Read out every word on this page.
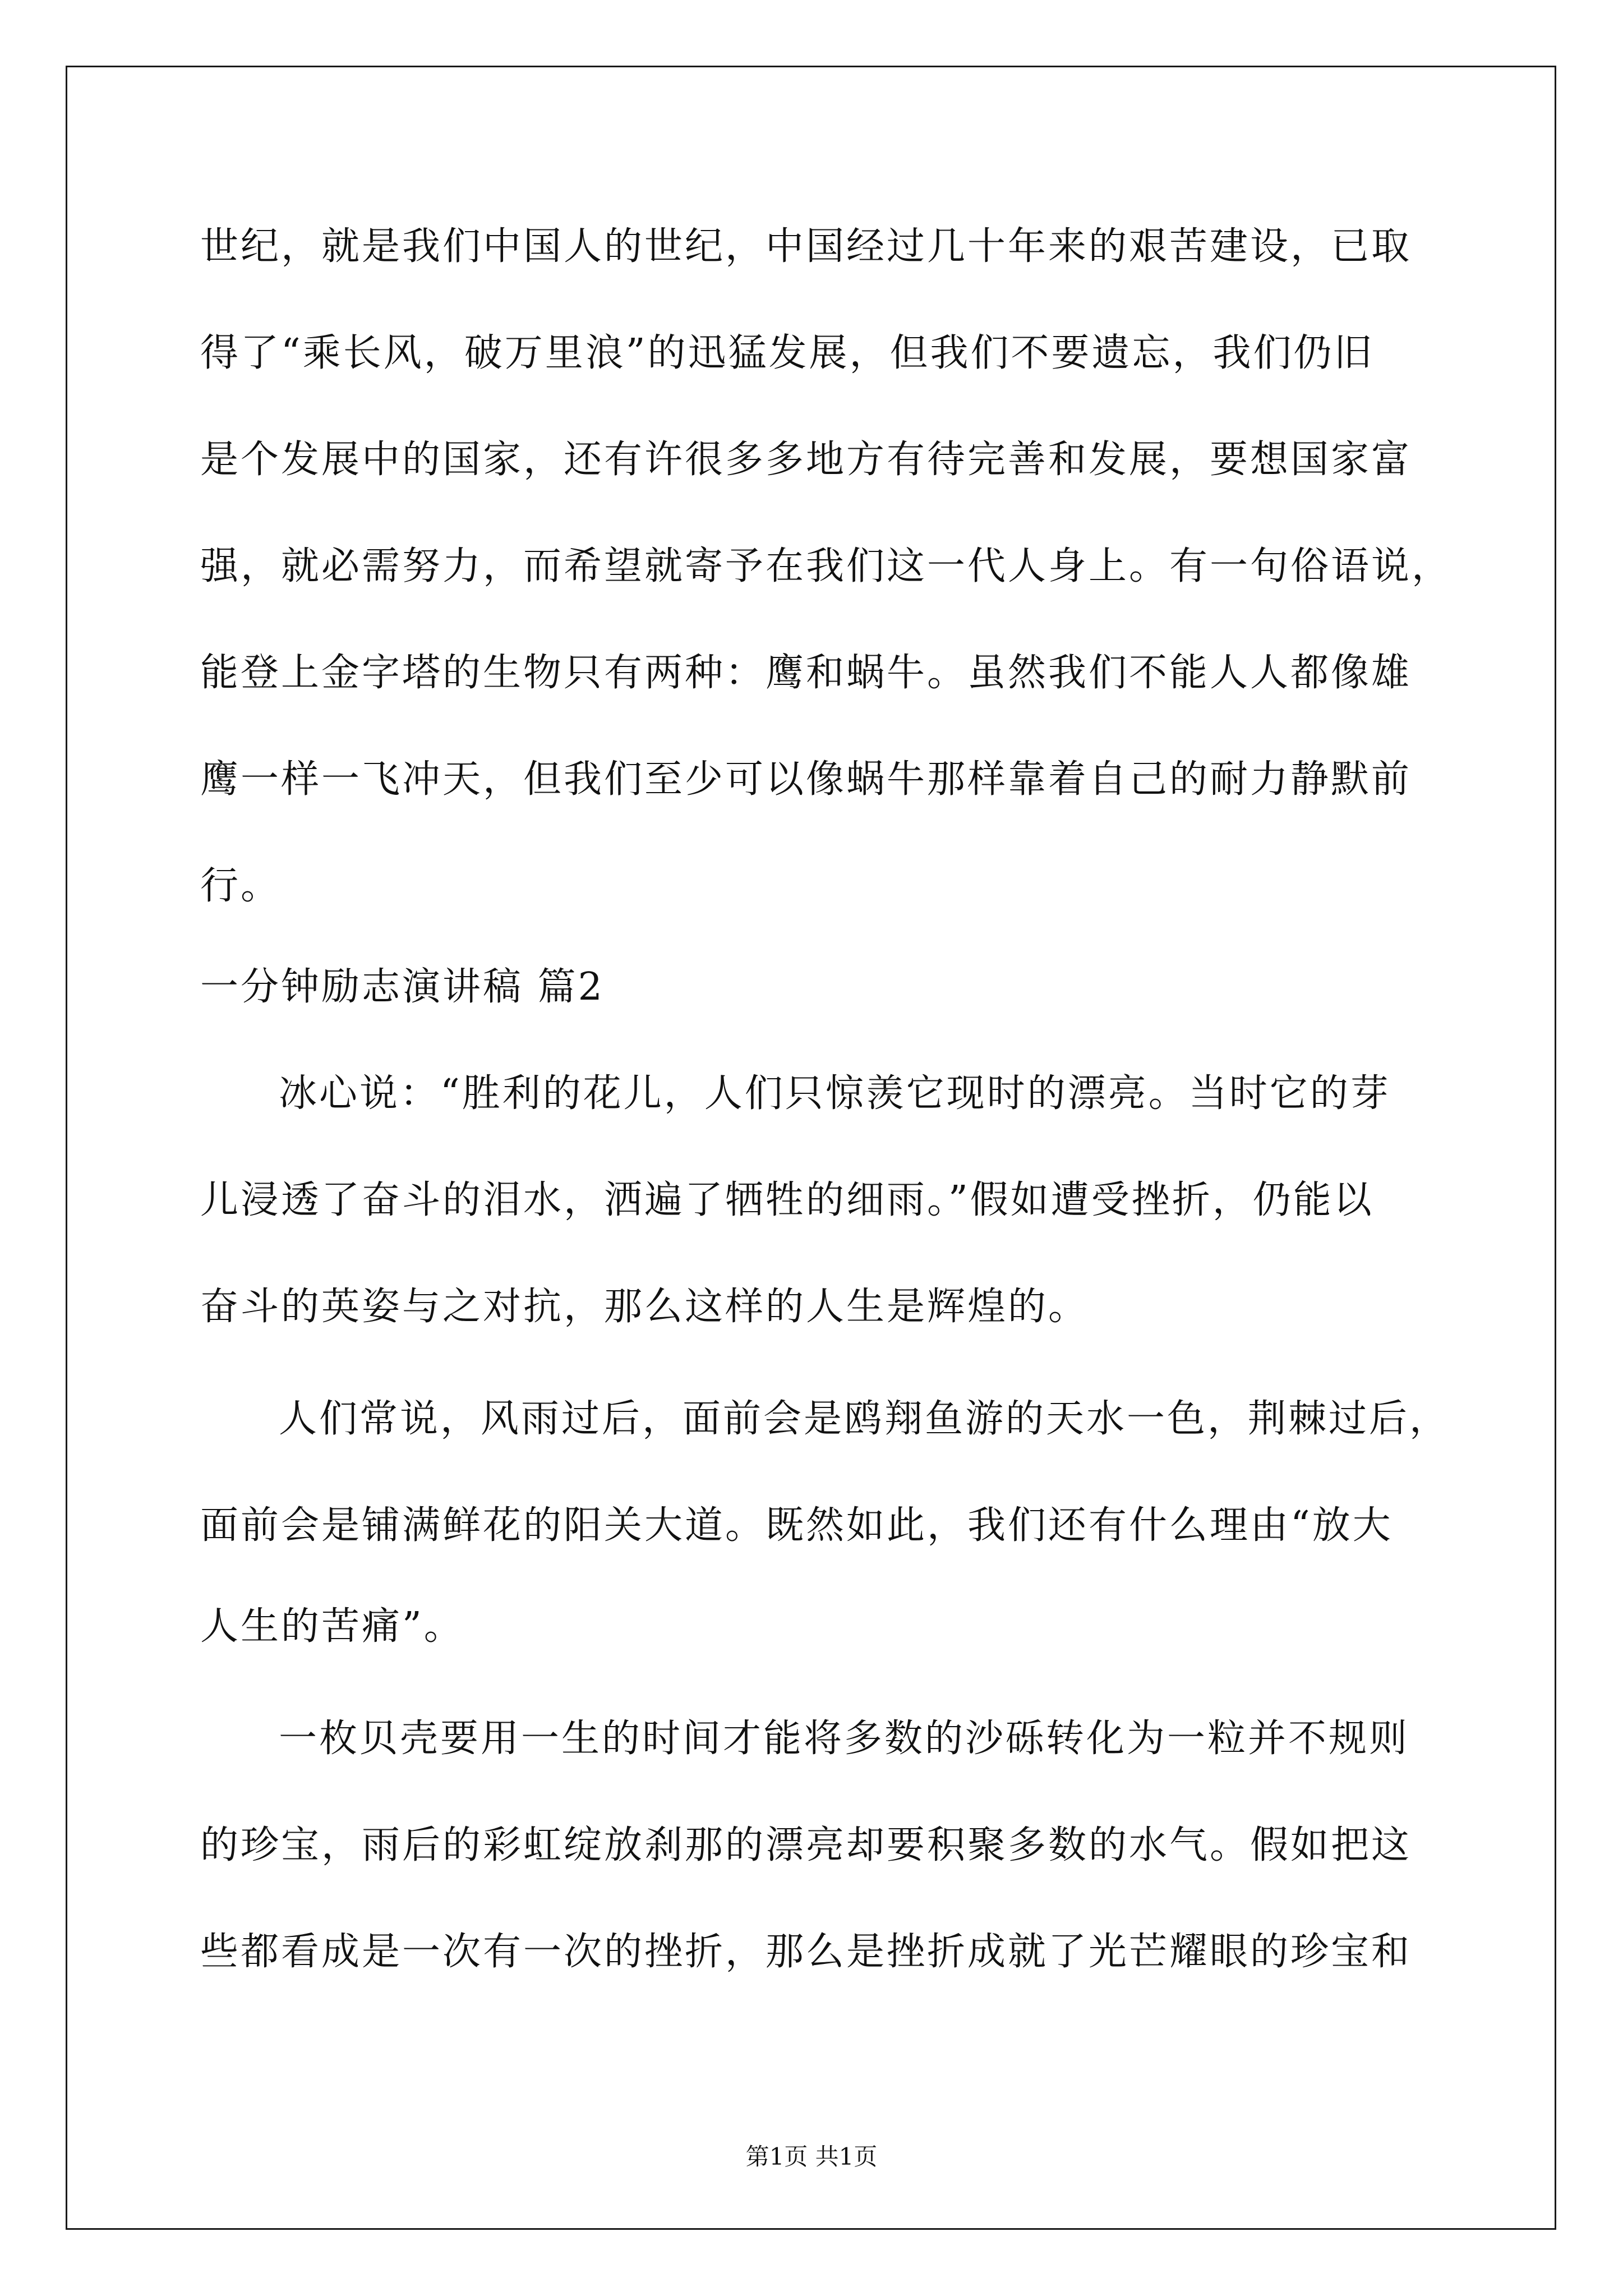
世纪，就是我们中国人的世纪，中国经过几十年来的艰苦建设，已取
得了“乘长风，破万里浪”的迅猛发展，但我们不要遗忘，我们仍旧
是个发展中的国家，还有许很多多地方有待完善和发展，要想国家富
强，就必需努力，而希望就寄予在我们这一代人身上。有一句俗语说，
能登上金字塔的生物只有两种：鹰和蜗牛。虽然我们不能人人都像雄
鹰一样一飞冲天，但我们至少可以像蜗牛那样靠着自己的耐力静默前
行。
一分钟励志演讲稿 篇2
冰心说：“胜利的花儿，人们只惊羡它现时的漂亮。当时它的芽
儿浸透了奋斗的泪水，洒遍了牺牲的细雨。”假如遭受挫折，仍能以
奋斗的英姿与之对抗，那么这样的人生是辉煌的。
人们常说，风雨过后，面前会是鸥翔鱼游的天水一色，荆棘过后，
面前会是铺满鲜花的阳关大道。既然如此，我们还有什么理由“放大
人生的苦痛”。
一枚贝壳要用一生的时间才能将多数的沙砾转化为一粒并不规则
的珍宝，雨后的彩虹绽放刹那的漂亮却要积聚多数的水气。假如把这
些都看成是一次有一次的挫折，那么是挫折成就了光芒耀眼的珍宝和
第1页 共1页
